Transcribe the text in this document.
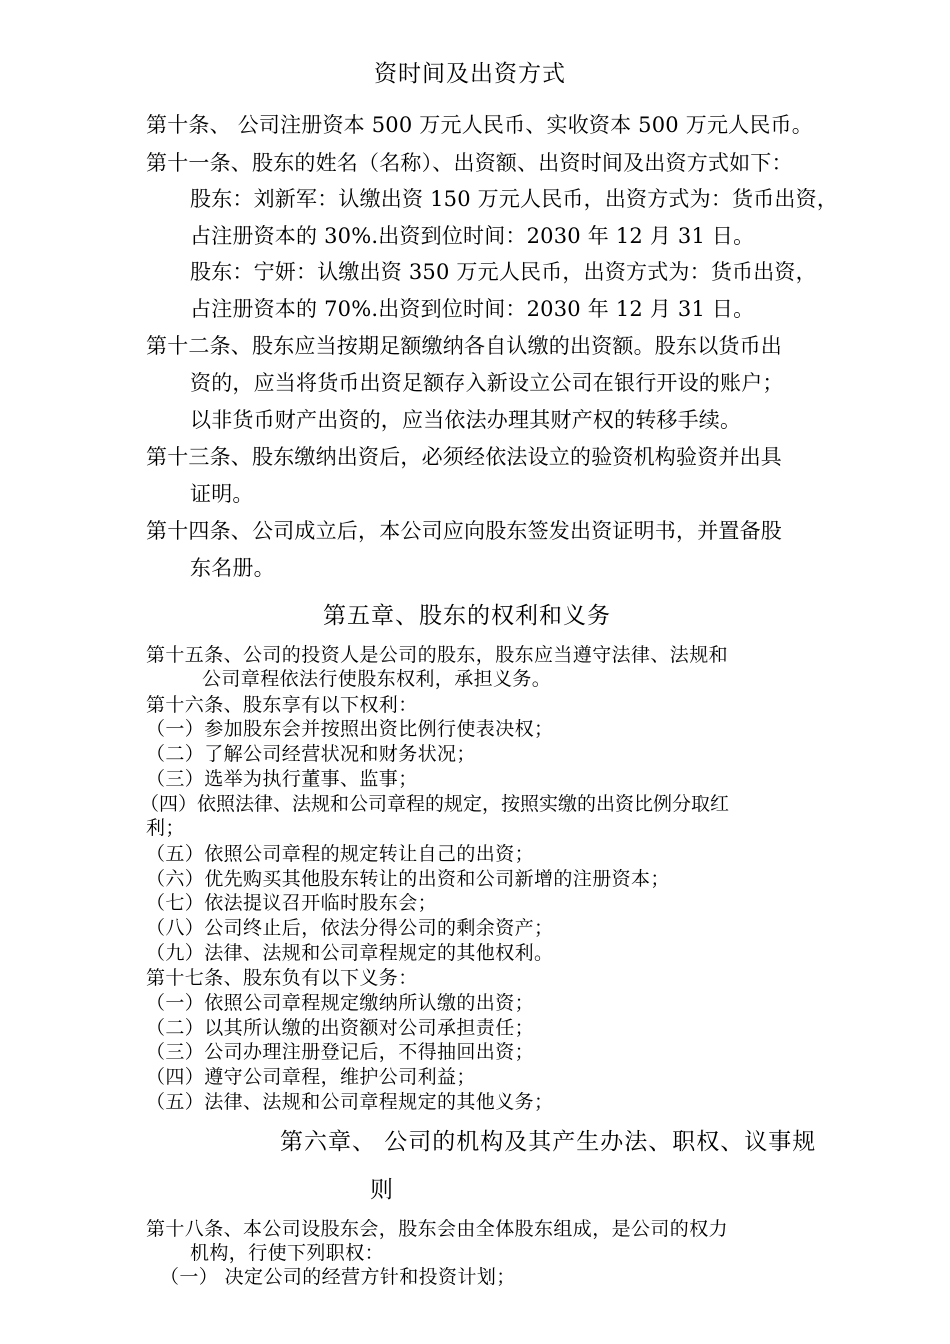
资时间及出资方式
第十条、 公司注册资本 500 万元人民币、实收资本 500 万元人民币。
第十一条、股东的姓名（名称）、出资额、出资时间及出资方式如下：
股东：刘新军：认缴出资 150 万元人民币，出资方式为：货币出资，
占注册资本的 30%.出资到位时间：2030 年 12 月 31 日。
股东：宁妍：认缴出资 350 万元人民币，出资方式为：货币出资，
占注册资本的 70%.出资到位时间：2030 年 12 月 31 日。
第十二条、股东应当按期足额缴纳各自认缴的出资额。股东以货币出
资的，应当将货币出资足额存入新设立公司在银行开设的账户；
以非货币财产出资的，应当依法办理其财产权的转移手续。
第十三条、股东缴纳出资后，必须经依法设立的验资机构验资并出具
证明。
第十四条、公司成立后，本公司应向股东签发出资证明书，并置备股
东名册。
第五章、股东的权利和义务
第十五条、公司的投资人是公司的股东，股东应当遵守法律、法规和
公司章程依法行使股东权利，承担义务。
第十六条、股东享有以下权利：
（一）参加股东会并按照出资比例行使表决权；
（二）了解公司经营状况和财务状况；
（三）选举为执行董事、监事；
（四）依照法律、法规和公司章程的规定，按照实缴的出资比例分取红
利；
（五）依照公司章程的规定转让自己的出资；
（六）优先购买其他股东转让的出资和公司新增的注册资本；
（七）依法提议召开临时股东会；
（八）公司终止后，依法分得公司的剩余资产；
（九）法律、法规和公司章程规定的其他权利。
第十七条、股东负有以下义务：
（一）依照公司章程规定缴纳所认缴的出资；
（二）以其所认缴的出资额对公司承担责任；
（三）公司办理注册登记后，不得抽回出资；
（四）遵守公司章程，维护公司利益；
（五）法律、法规和公司章程规定的其他义务；
第六章、 公司的机构及其产生办法、职权、议事规
则
第十八条、本公司设股东会，股东会由全体股东组成，是公司的权力
机构，行使下列职权：
（一） 决定公司的经营方针和投资计划；
